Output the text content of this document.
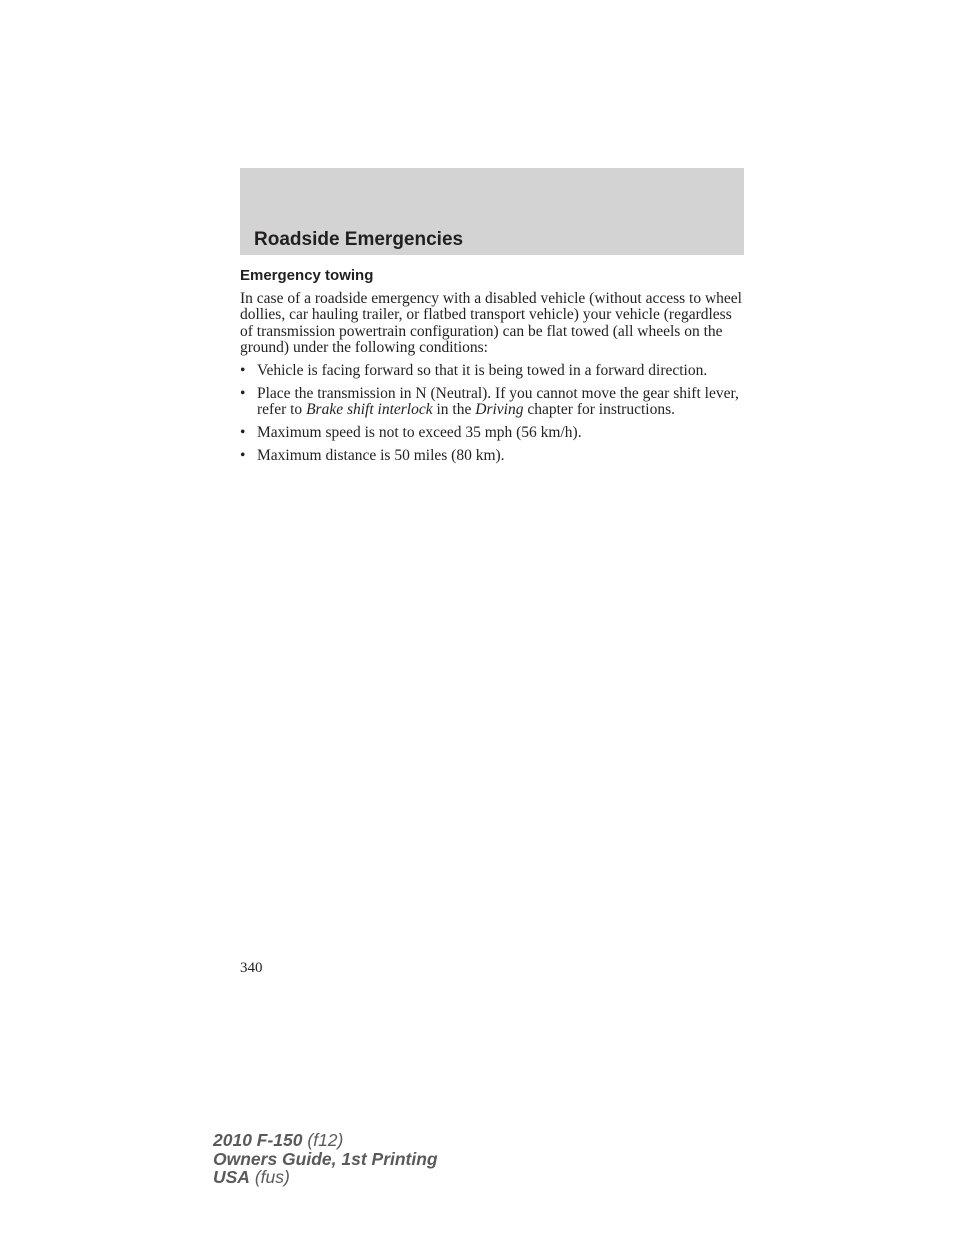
Roadside Emergencies
Emergency towing

In case of a roadside emergency with a disabled vehicle (without access to wheel dollies, car hauling trailer, or flatbed transport vehicle) your vehicle (regardless of transmission powertrain configuration) can be flat towed (all wheels on the ground) under the following conditions:

• Vehicle is facing forward so that it is being towed in a forward direction.
• Place the transmission in N (Neutral). If you cannot move the gear shift lever, refer to Brake shift interlock in the Driving chapter for instructions.
• Maximum speed is not to exceed 35 mph (56 km/h).
• Maximum distance is 50 miles (80 km).
340
2010 F-150 (f12)
Owners Guide, 1st Printing
USA (fus)
